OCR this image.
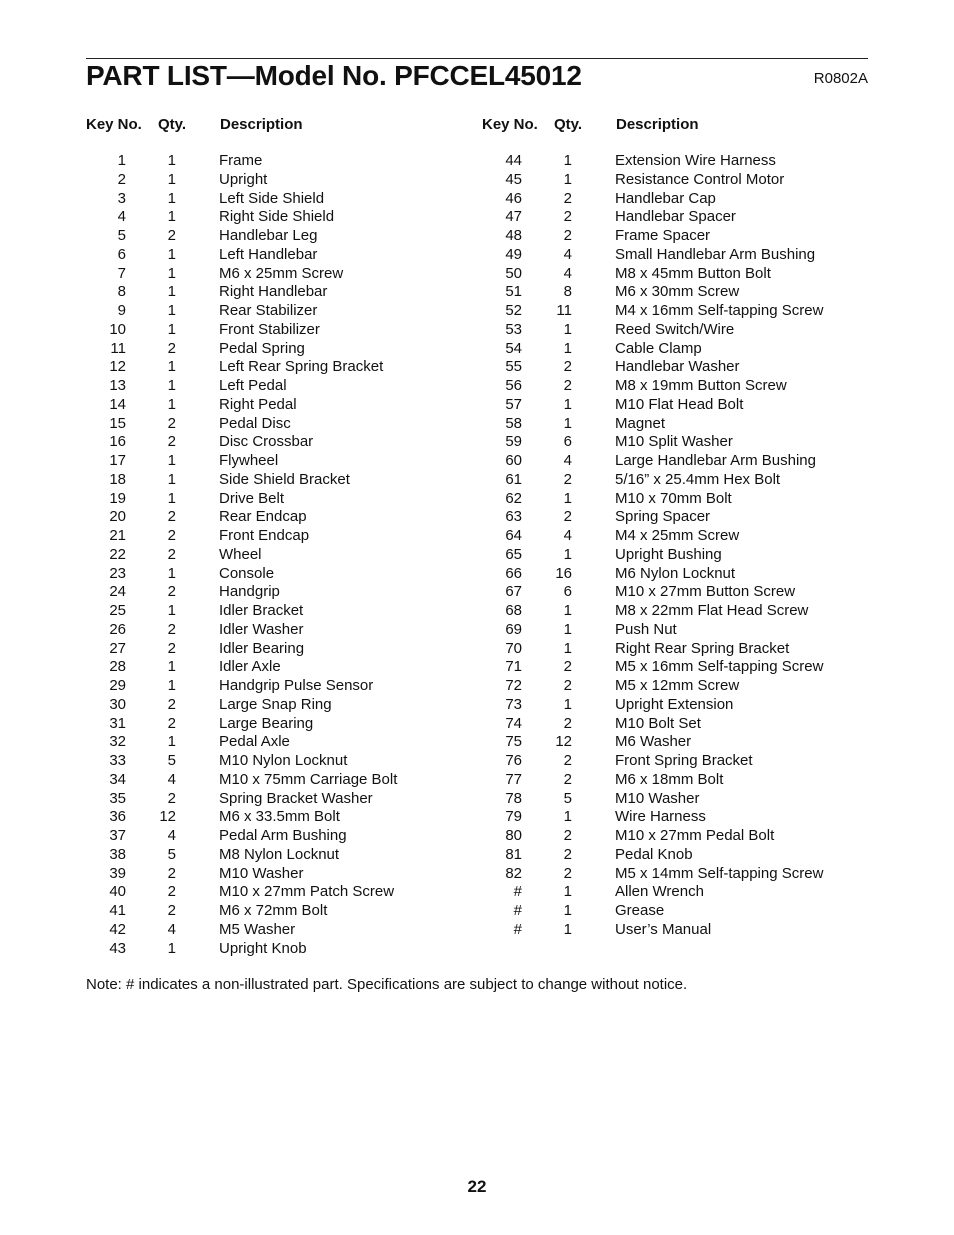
PART LIST—Model No. PFCCEL45012	R0802A
Key No.	Qty.	Description
1	1	Frame
2	1	Upright
3	1	Left Side Shield
4	1	Right Side Shield
5	2	Handlebar Leg
6	1	Left Handlebar
7	1	M6 x 25mm Screw
8	1	Right Handlebar
9	1	Rear Stabilizer
10	1	Front Stabilizer
11	2	Pedal Spring
12	1	Left Rear Spring Bracket
13	1	Left Pedal
14	1	Right Pedal
15	2	Pedal Disc
16	2	Disc Crossbar
17	1	Flywheel
18	1	Side Shield Bracket
19	1	Drive Belt
20	2	Rear Endcap
21	2	Front Endcap
22	2	Wheel
23	1	Console
24	2	Handgrip
25	1	Idler Bracket
26	2	Idler Washer
27	2	Idler Bearing
28	1	Idler Axle
29	1	Handgrip Pulse Sensor
30	2	Large Snap Ring
31	2	Large Bearing
32	1	Pedal Axle
33	5	M10 Nylon Locknut
34	4	M10 x 75mm Carriage Bolt
35	2	Spring Bracket Washer
36	12	M6 x 33.5mm Bolt
37	4	Pedal Arm Bushing
38	5	M8 Nylon Locknut
39	2	M10 Washer
40	2	M10 x 27mm Patch Screw
41	2	M6 x 72mm Bolt
42	4	M5 Washer
43	1	Upright Knob
Key No.	Qty.	Description
44	1	Extension Wire Harness
45	1	Resistance Control Motor
46	2	Handlebar Cap
47	2	Handlebar Spacer
48	2	Frame Spacer
49	4	Small Handlebar Arm Bushing
50	4	M8 x 45mm Button Bolt
51	8	M6 x 30mm Screw
52	11	M4 x 16mm Self-tapping Screw
53	1	Reed Switch/Wire
54	1	Cable Clamp
55	2	Handlebar Washer
56	2	M8 x 19mm Button Screw
57	1	M10 Flat Head Bolt
58	1	Magnet
59	6	M10 Split Washer
60	4	Large Handlebar Arm Bushing
61	2	5/16” x 25.4mm Hex Bolt
62	1	M10 x 70mm Bolt
63	2	Spring Spacer
64	4	M4 x 25mm Screw
65	1	Upright Bushing
66	16	M6 Nylon Locknut
67	6	M10 x 27mm Button Screw
68	1	M8 x 22mm Flat Head Screw
69	1	Push Nut
70	1	Right Rear Spring Bracket
71	2	M5 x 16mm Self-tapping Screw
72	2	M5 x 12mm Screw
73	1	Upright Extension
74	2	M10 Bolt Set
75	12	M6 Washer
76	2	Front Spring Bracket
77	2	M6 x 18mm Bolt
78	5	M10 Washer
79	1	Wire Harness
80	2	M10 x 27mm Pedal Bolt
81	2	Pedal Knob
82	2	M5 x 14mm Self-tapping Screw
#	1	Allen Wrench
#	1	Grease
#	1	User’s Manual
Note: # indicates a non-illustrated part. Specifications are subject to change without notice.
22
